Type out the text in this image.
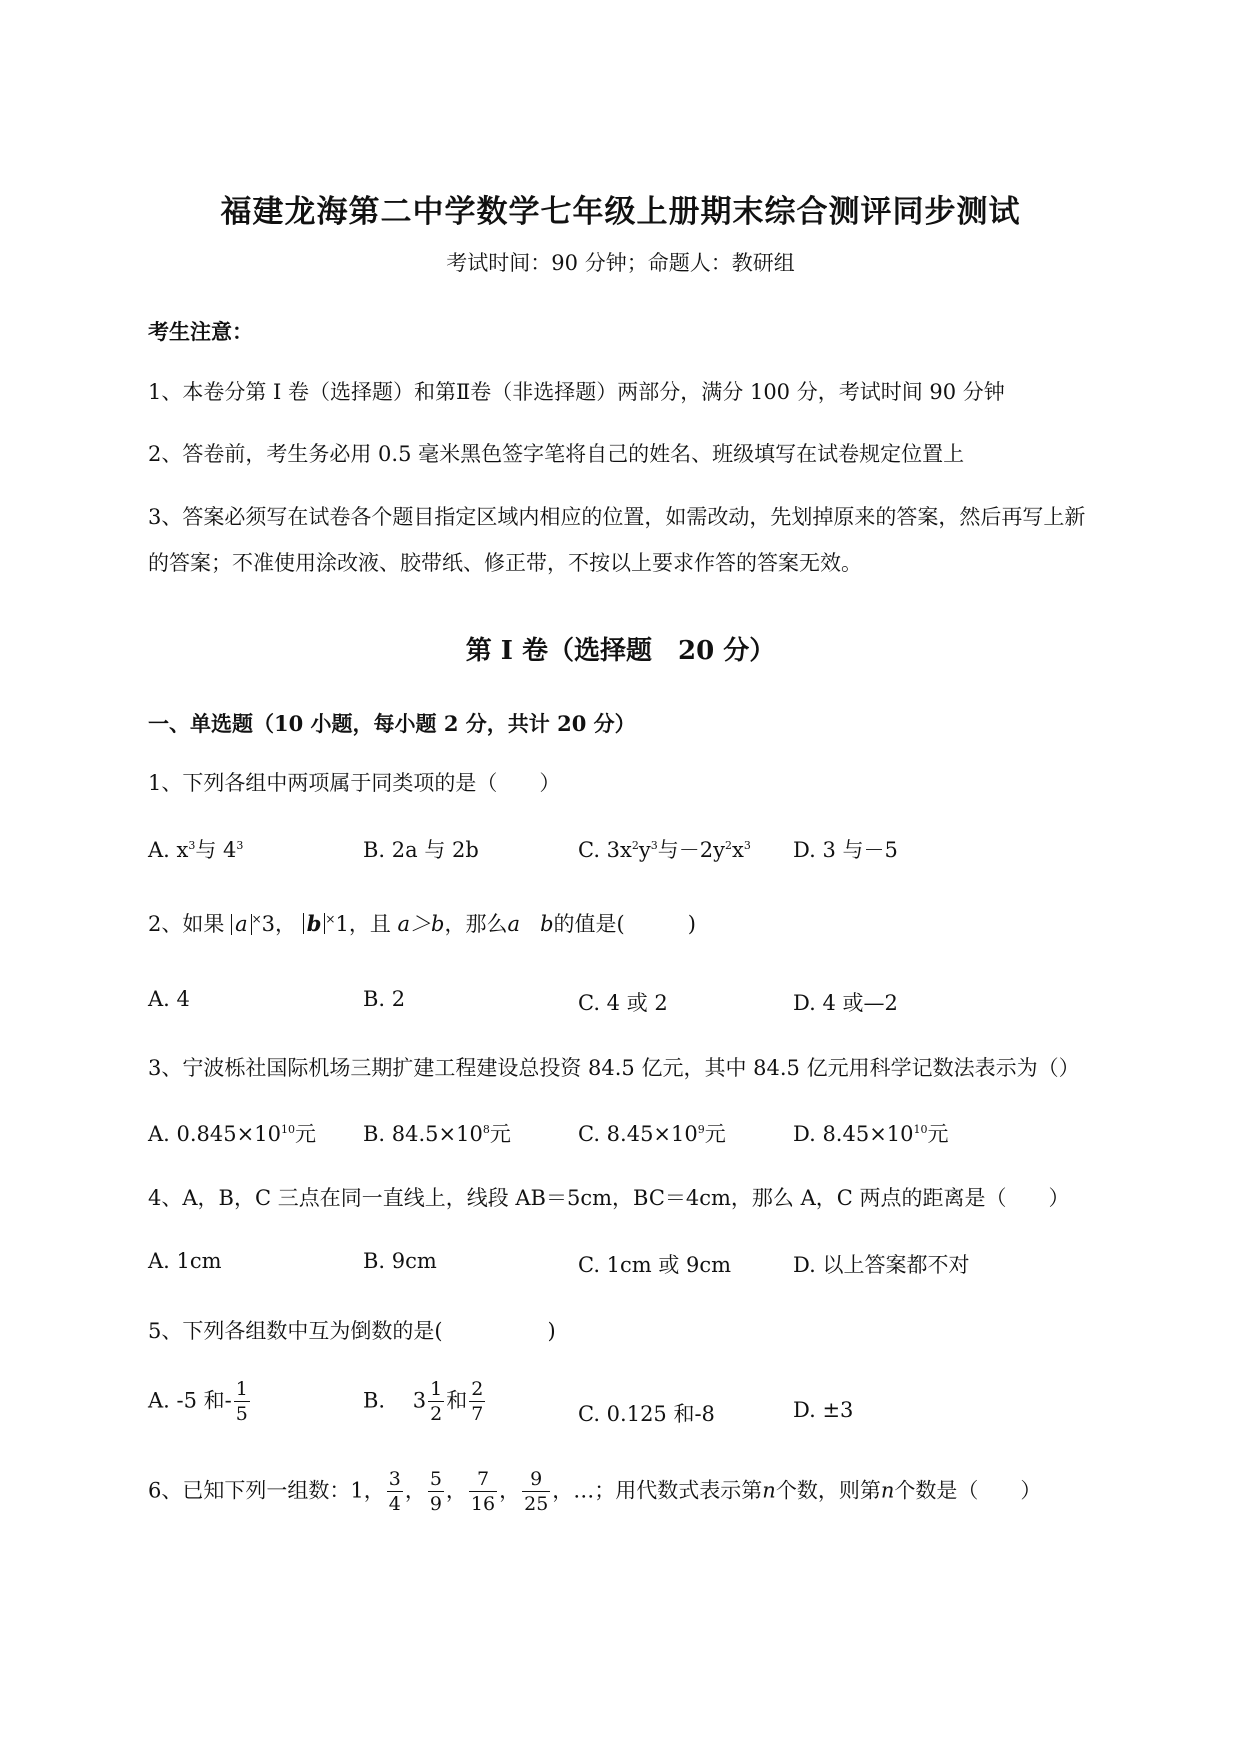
福建龙海第二中学数学七年级上册期末综合测评同步测试
考试时间：90 分钟；命题人：教研组
考生注意：
1、本卷分第 I 卷（选择题）和第Ⅱ卷（非选择题）两部分，满分 100 分，考试时间 90 分钟
2、答卷前，考生务必用 0.5 毫米黑色签字笔将自己的姓名、班级填写在试卷规定位置上
3、答案必须写在试卷各个题目指定区域内相应的位置，如需改动，先划掉原来的答案，然后再写上新
的答案；不准使用涂改液、胶带纸、修正带，不按以上要求作答的答案无效。
第 I 卷（选择题 20 分）
一、单选题（10 小题，每小题 2 分，共计 20 分）
1、下列各组中两项属于同类项的是（　　）
A. $x^3$与 $4^3$	B. 2a 与 2b	C. $3x^2y^3$与$-2y^2x^3$ D. 3 与－5
2、如果 a ×3， b ×1，且 a＞b，那么a b的值是(　　　)
A. 4	B. 2	C. 4 或 2	D. 4 或—2
3、宁波栎社国际机场三期扩建工程建设总投资 84.5 亿元，其中 84.5 亿元用科学记数法表示为（）
A. $0.845\times 10^{10}$元 B. $84.5\times 10^8$元	C. $8.45\times 10^9$元	D. $8.45\times 10^{10}$元
4、A，B，C 三点在同一直线上，线段 AB＝5cm，BC＝4cm，那么 A，C 两点的距离是（　　）
A. 1cm	B. 9cm	C. 1cm 或 9cm	D. 以上答案都不对
5、下列各组数中互为倒数的是(　　　　　)
A. -5 和- $\frac{1}{5}$	B.　 $3 \frac{1}{2}$ 和 $\frac{2}{7}$	C. 0.125 和-8	D. ±3
6、已知下列一组数：1， $\frac{3}{4}$ ， $\frac{5}{9}$ ， $\frac{7}{16}$ ， $\frac{9}{25}$ ，…；用代数式表示第n个数，则第n个数是（　　）
